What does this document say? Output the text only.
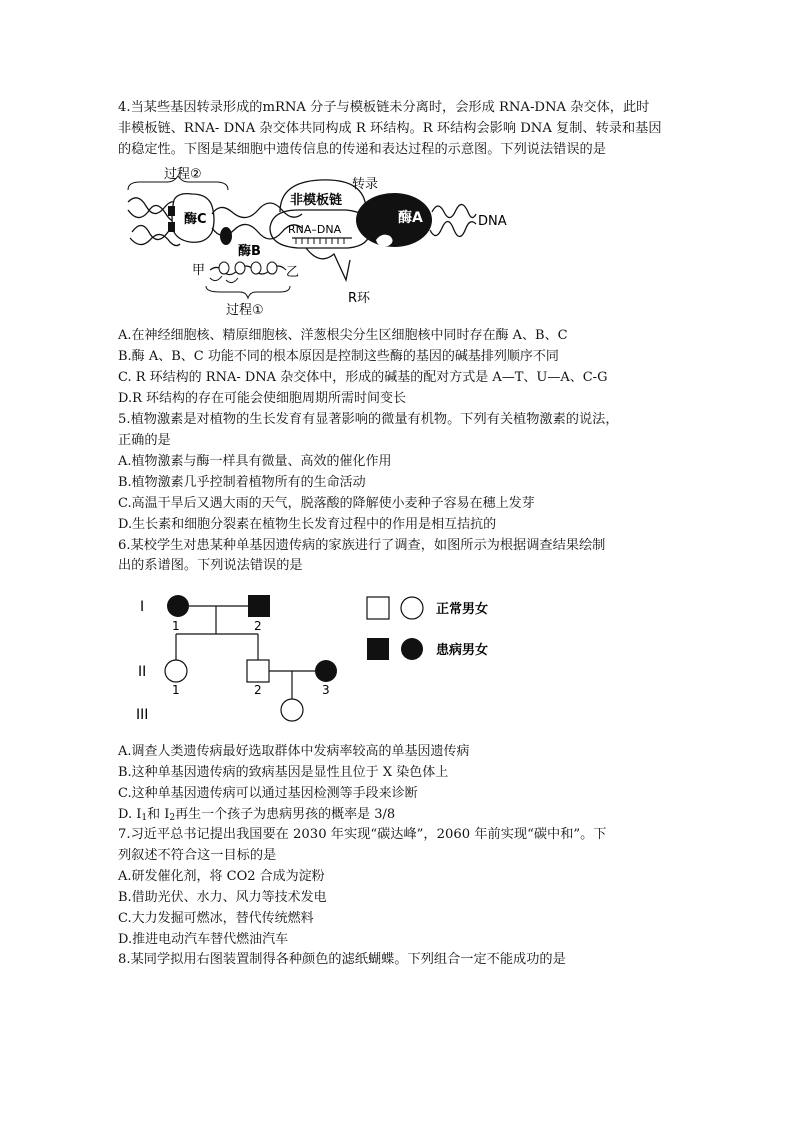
4.当某些基因转录形成的mRNA 分子与模板链未分离时，会形成 RNA-DNA 杂交体，此时
非模板链、RNA- DNA 杂交体共同构成 R 环结构。R 环结构会影响 DNA 复制、转录和基因
的稳定性。下图是某细胞中遗传信息的传递和表达过程的示意图。下列说法错误的是
过程②
转录
酶C
酶B
非模板链
RNA–DNA
酶A	DNA
甲	乙
过程①
R环
A.在神经细胞核、精原细胞核、洋葱根尖分生区细胞核中同时存在酶 A、B、C
B.酶 A、B、C 功能不同的根本原因是控制这些酶的基因的碱基排列顺序不同
C. R 环结构的 RNA- DNA 杂交体中，形成的碱基的配对方式是 A—T、U—A、C-G
D.R 环结构的存在可能会使细胞周期所需时间变长
5.植物激素是对植物的生长发育有显著影响的微量有机物。下列有关植物激素的说法，
正确的是
A.植物激素与酶一样具有微量、高效的催化作用
B.植物激素几乎控制着植物所有的生命活动
C.高温干旱后又遇大雨的天气，脱落酸的降解使小麦种子容易在穗上发芽
D.生长素和细胞分裂素在植物生长发育过程中的作用是相互拮抗的
6.某校学生对患某种单基因遗传病的家族进行了调查，如图所示为根据调查结果绘制
出的系谱图。下列说法错误的是
I
II
III
1	2
1	2	3
正常男女
患病男女
A.调查人类遗传病最好选取群体中发病率较高的单基因遗传病
B.这种单基因遗传病的致病基因是显性且位于 X 染色体上
C.这种单基因遗传病可以通过基因检测等手段来诊断
D. $I_1$和 $I_2$再生一个孩子为患病男孩的概率是 3/8
7.习近平总书记提出我国要在 2030 年实现“碳达峰”，2060 年前实现“碳中和”。下
列叙述不符合这一目标的是
A.研发催化剂，将 CO2 合成为淀粉
B.借助光伏、水力、风力等技术发电
C.大力发掘可燃冰，替代传统燃料
D.推进电动汽车替代燃油汽车
8.某同学拟用右图装置制得各种颜色的滤纸蝴蝶。下列组合一定不能成功的是
